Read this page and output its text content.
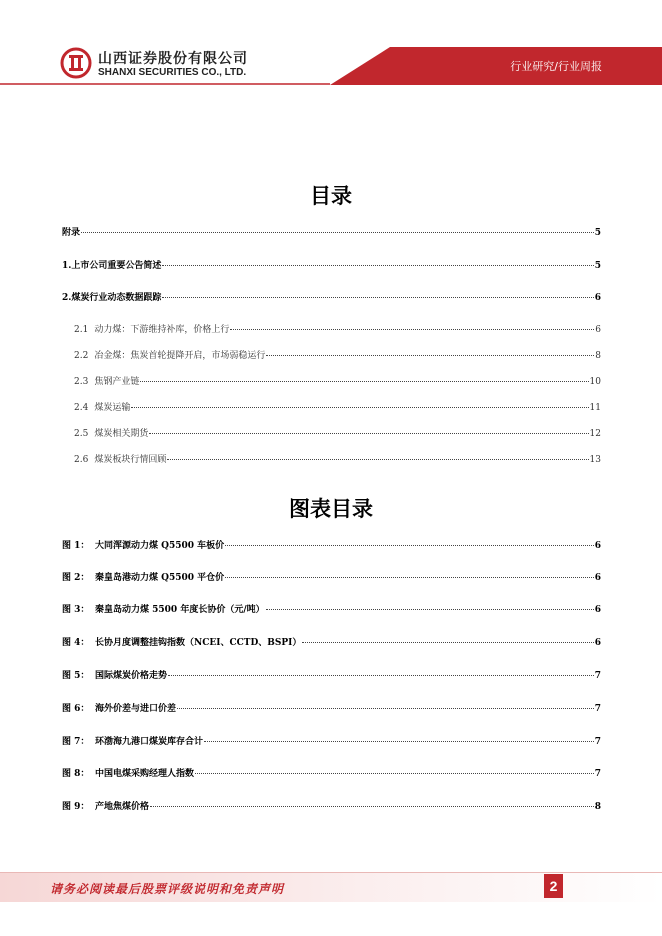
山西证券股份有限公司
SHANXI SECURITIES CO., LTD.	行业研究/行业周报
目录
附录	5
1. 上市公司重要公告简述	5
2. 煤炭行业动态数据跟踪	6
2.1 动力煤：下游维持补库，价格上行	6
2.2 冶金煤：焦炭首轮提降开启，市场弱稳运行	8
2.3 焦钢产业链	10
2.4 煤炭运输	11
2.5 煤炭相关期货	12
2.6 煤炭板块行情回顾	13
图表目录
图 1： 大同浑源动力煤 Q5500 车板价	6
图 2： 秦皇岛港动力煤 Q5500 平仓价	6
图 3： 秦皇岛动力煤 5500 年度长协价（元/吨）	6
图 4： 长协月度调整挂钩指数（NCEI、CCTD、BSPI）	6
图 5： 国际煤炭价格走势	7
图 6： 海外价差与进口价差	7
图 7： 环渤海九港口煤炭库存合计	7
图 8： 中国电煤采购经理人指数	7
图 9： 产地焦煤价格	8
请务必阅读最后股票评级说明和免责声明	2
